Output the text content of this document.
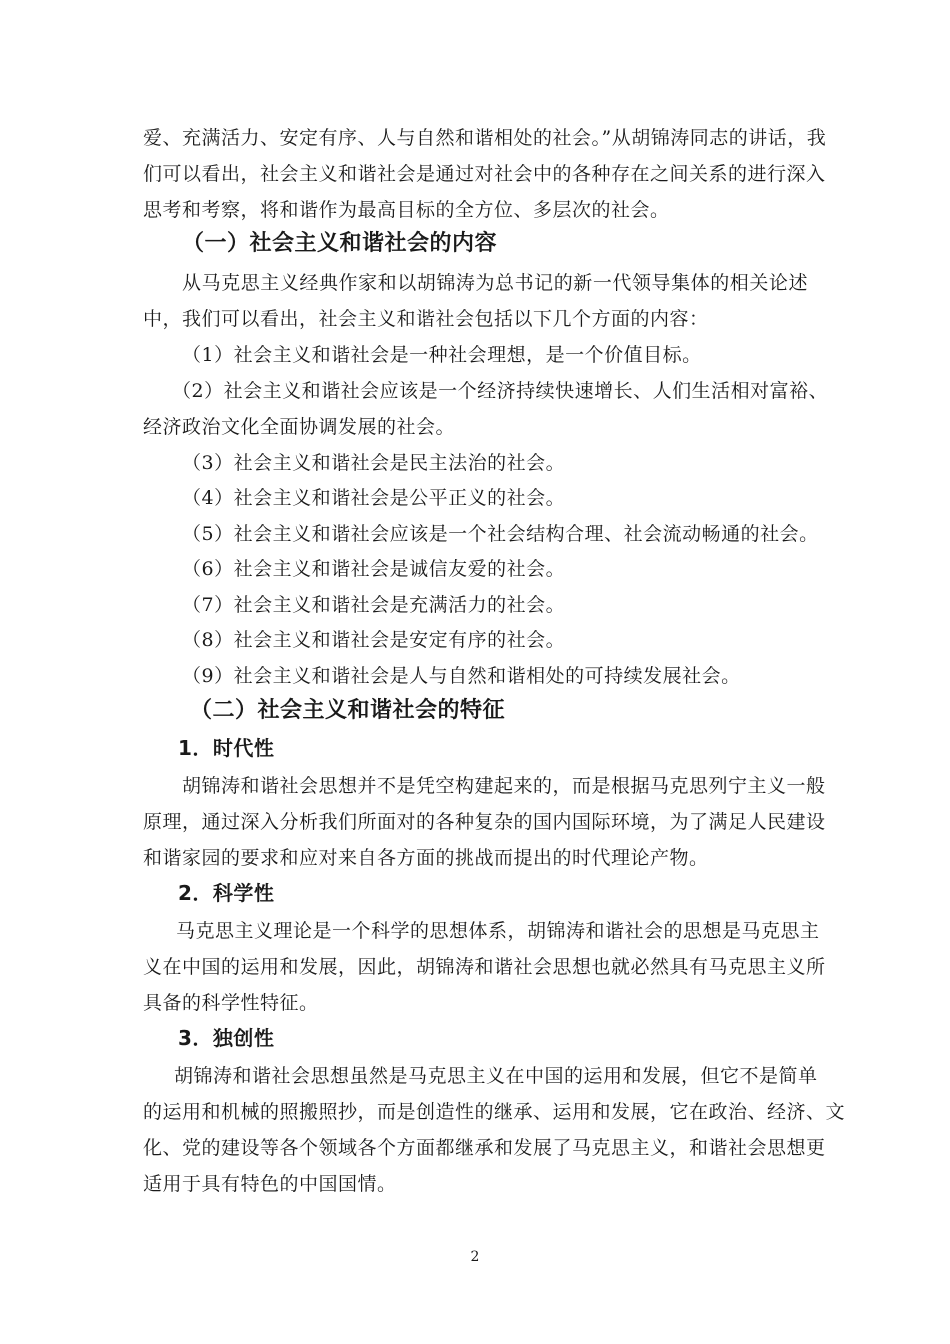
爱、充满活力、安定有序、人与自然和谐相处的社会。”从胡锦涛同志的讲话，我
们可以看出，社会主义和谐社会是通过对社会中的各种存在之间关系的进行深入
思考和考察，将和谐作为最高目标的全方位、多层次的社会。
（一）社会主义和谐社会的内容
从马克思主义经典作家和以胡锦涛为总书记的新一代领导集体的相关论述
中，我们可以看出，社会主义和谐社会包括以下几个方面的内容：
（1）社会主义和谐社会是一种社会理想，是一个价值目标。
（2）社会主义和谐社会应该是一个经济持续快速增长、人们生活相对富裕、
经济政治文化全面协调发展的社会。
（3）社会主义和谐社会是民主法治的社会。
（4）社会主义和谐社会是公平正义的社会。
（5）社会主义和谐社会应该是一个社会结构合理、社会流动畅通的社会。
（6）社会主义和谐社会是诚信友爱的社会。
（7）社会主义和谐社会是充满活力的社会。
（8）社会主义和谐社会是安定有序的社会。
（9）社会主义和谐社会是人与自然和谐相处的可持续发展社会。
（二）社会主义和谐社会的特征
1．时代性
胡锦涛和谐社会思想并不是凭空构建起来的，而是根据马克思列宁主义一般
原理，通过深入分析我们所面对的各种复杂的国内国际环境，为了满足人民建设
和谐家园的要求和应对来自各方面的挑战而提出的时代理论产物。
2．科学性
马克思主义理论是一个科学的思想体系，胡锦涛和谐社会的思想是马克思主
义在中国的运用和发展，因此，胡锦涛和谐社会思想也就必然具有马克思主义所
具备的科学性特征。
3．独创性
胡锦涛和谐社会思想虽然是马克思主义在中国的运用和发展，但它不是简单
的运用和机械的照搬照抄，而是创造性的继承、运用和发展，它在政治、经济、文
化、党的建设等各个领域各个方面都继承和发展了马克思主义，和谐社会思想更
适用于具有特色的中国国情。
2
